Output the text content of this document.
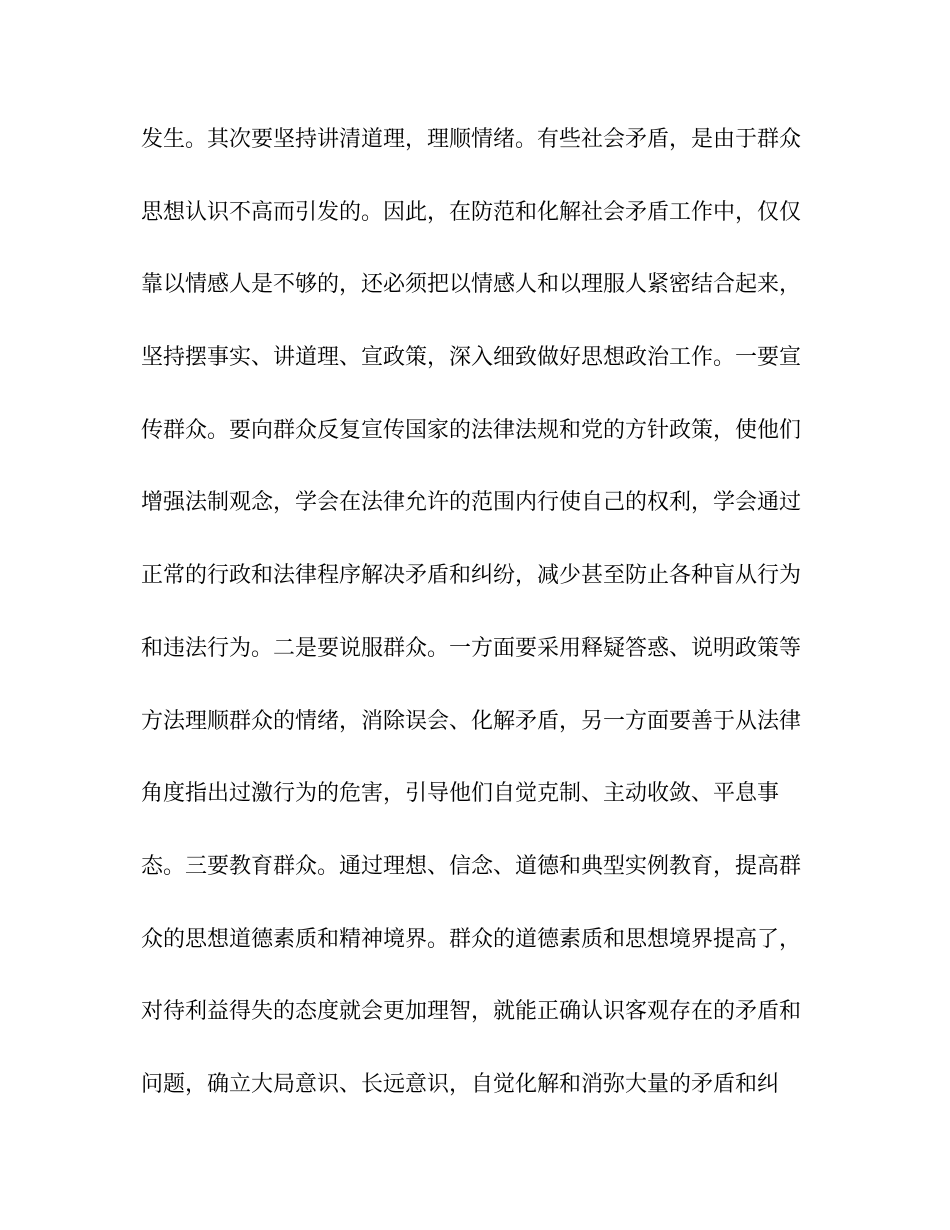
发生。其次要坚持讲清道理，理顺情绪。有些社会矛盾，是由于群众
思想认识不高而引发的。因此，在防范和化解社会矛盾工作中，仅仅
靠以情感人是不够的，还必须把以情感人和以理服人紧密结合起来，
坚持摆事实、讲道理、宣政策，深入细致做好思想政治工作。一要宣
传群众。要向群众反复宣传国家的法律法规和党的方针政策，使他们
增强法制观念，学会在法律允许的范围内行使自己的权利，学会通过
正常的行政和法律程序解决矛盾和纠纷，减少甚至防止各种盲从行为
和违法行为。二是要说服群众。一方面要采用释疑答惑、说明政策等
方法理顺群众的情绪，消除误会、化解矛盾，另一方面要善于从法律
角度指出过激行为的危害，引导他们自觉克制、主动收敛、平息事
态。三要教育群众。通过理想、信念、道德和典型实例教育，提高群
众的思想道德素质和精神境界。群众的道德素质和思想境界提高了，
对待利益得失的态度就会更加理智，就能正确认识客观存在的矛盾和
问题，确立大局意识、长远意识，自觉化解和消弥大量的矛盾和纠
